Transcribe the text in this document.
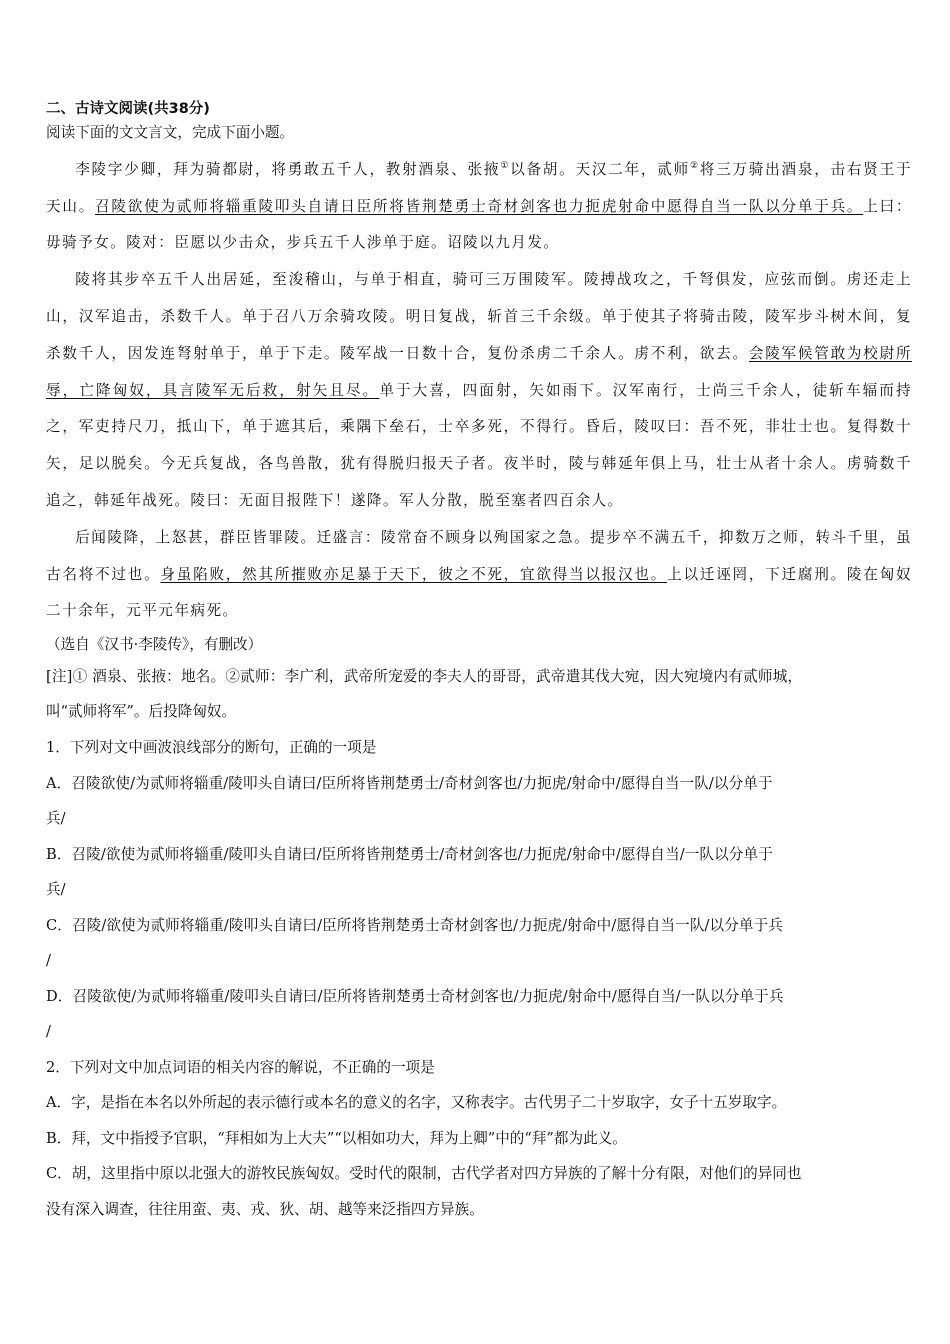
二、古诗文阅读(共38分)
阅读下面的文文言文，完成下面小题。
李陵字少卿，拜为骑都尉，将勇敢五千人，教射酒泉、张掖①以备胡。天汉二年，贰师②将三万骑出酒泉，击右贤王于天山。召陵欲使为贰师将辎重陵叩头自请日臣所将皆荆楚勇士奇材剑客也力扼虎射命中愿得自当一队以分单于兵。上曰：毋骑予女。陵对：臣愿以少击众，步兵五千人涉单于庭。诏陵以九月发。
陵将其步卒五千人出居延，至浚稽山，与单于相直，骑可三万围陵军。陵搏战攻之，千弩俱发，应弦而倒。虏还走上山，汉军追击，杀数千人。单于召八万余骑攻陵。明日复战，斩首三千余级。单于使其子将骑击陵，陵军步斗树木间，复杀数千人，因发连弩射单于，单于下走。陵军战一日数十合，复份杀虏二千余人。虏不利，欲去。会陵军候管敢为校尉所辱，亡降匈奴，具言陵军无后救，射矢且尽。单于大喜，四面射，矢如雨下。汉军南行，士尚三千余人，徒斩车辐而持之，军吏持尺刀，抵山下，单于遮其后，乘隅下垒石，士卒多死，不得行。昏后，陵叹曰：吾不死，非壮士也。复得数十矢，足以脱矣。今无兵复战，各鸟兽散，犹有得脱归报天子者。夜半时，陵与韩延年俱上马，壮士从者十余人。虏骑数千追之，韩延年战死。陵曰：无面目报陛下！遂降。军人分散，脱至塞者四百余人。
后闻陵降，上怒甚，群臣皆罪陵。迁盛言：陵常奋不顾身以殉国家之急。提步卒不满五千，抑数万之师，转斗千里，虽古名将不过也。身虽陷败，然其所摧败亦足暴于天下，彼之不死，宜欲得当以报汉也。上以迁诬罔，下迁腐刑。陵在匈奴二十余年，元平元年病死。
（选自《汉书·李陵传》，有删改）
[注]① 酒泉、张掖：地名。②贰师：李广利，武帝所宠爱的李夫人的哥哥，武帝遣其伐大宛，因大宛境内有贰师城，
叫“贰师将军”。后投降匈奴。
1．下列对文中画波浪线部分的断句，正确的一项是
A．召陵欲使/为贰师将辎重/陵叩头自请曰/臣所将皆荆楚勇士/奇材剑客也/力扼虎/射命中/愿得自当一队/以分单于
兵/
B．召陵/欲使为贰师将辎重/陵叩头自请曰/臣所将皆荆楚勇士/奇材剑客也/力扼虎/射命中/愿得自当/一队以分单于
兵/
C．召陵/欲使为贰师将辎重/陵叩头自请曰/臣所将皆荆楚勇士奇材剑客也/力扼虎/射命中/愿得自当一队/以分单于兵
/
D．召陵欲使/为贰师将辎重/陵叩头自请曰/臣所将皆荆楚勇士奇材剑客也/力扼虎/射命中/愿得自当/一队以分单于兵
/
2．下列对文中加点词语的相关内容的解说，不正确的一项是
A．字，是指在本名以外所起的表示德行或本名的意义的名字，又称表字。古代男子二十岁取字，女子十五岁取字。
B．拜，文中指授予官职，“拜相如为上大夫”“以相如功大，拜为上卿”中的“拜”都为此义。
C．胡，这里指中原以北强大的游牧民族匈奴。受时代的限制，古代学者对四方异族的了解十分有限，对他们的异同也
没有深入调查，往往用蛮、夷、戎、狄、胡、越等来泛指四方异族。
